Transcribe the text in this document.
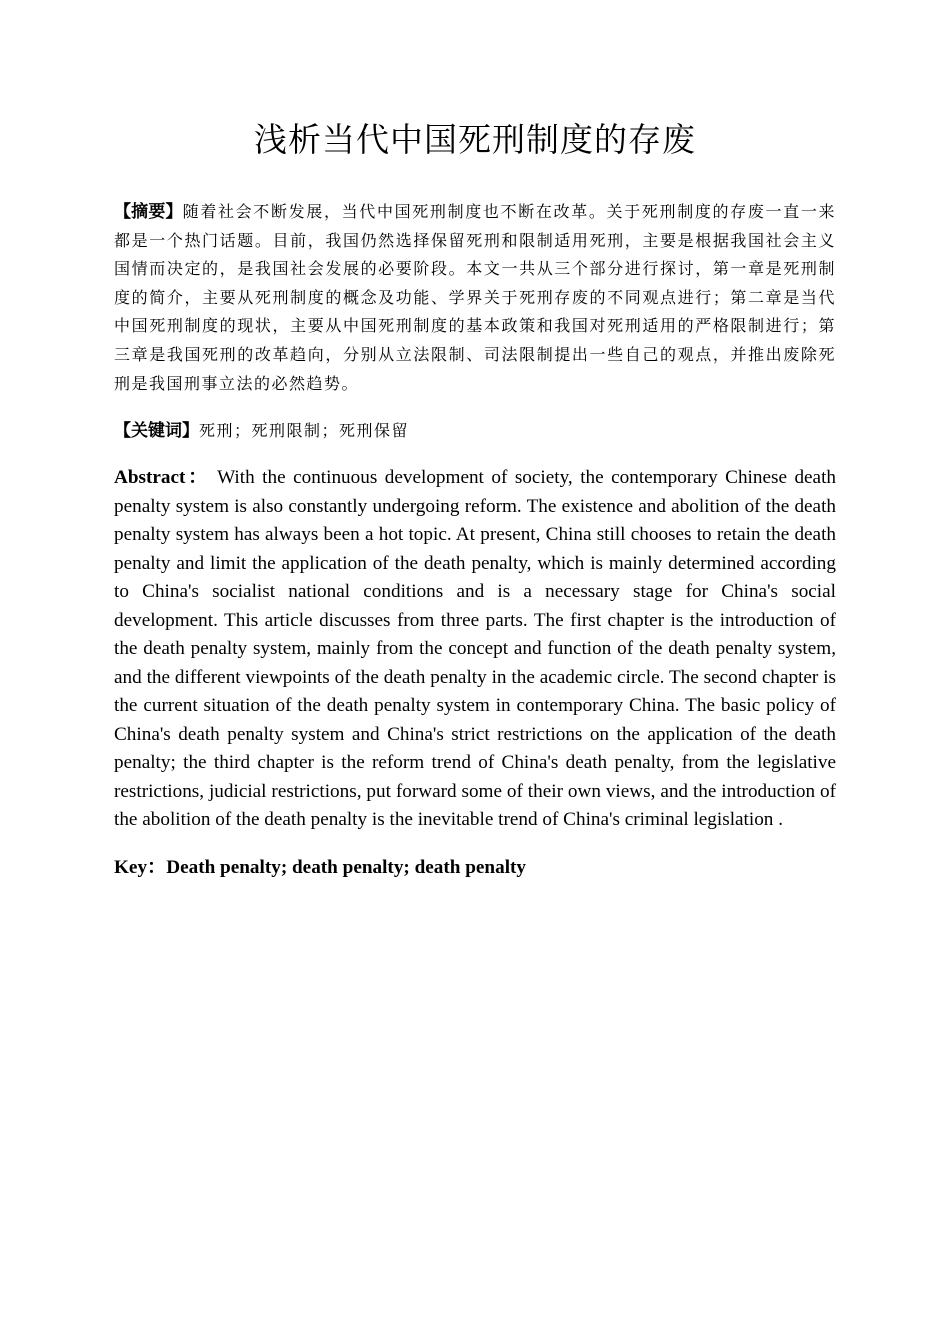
浅析当代中国死刑制度的存废

【摘要】随着社会不断发展，当代中国死刑制度也不断在改革。关于死刑制度的存废一直一来都是一个热门话题。目前，我国仍然选择保留死刑和限制适用死刑，主要是根据我国社会主义国情而决定的，是我国社会发展的必要阶段。本文一共从三个部分进行探讨，第一章是死刑制度的简介，主要从死刑制度的概念及功能、学界关于死刑存废的不同观点进行；第二章是当代中国死刑制度的现状，主要从中国死刑制度的基本政策和我国对死刑适用的严格限制进行；第三章是我国死刑的改革趋向，分别从立法限制、司法限制提出一些自己的观点，并推出废除死刑是我国刑事立法的必然趋势。

【关键词】死刑；死刑限制；死刑保留

Abstract： With the continuous development of society, the contemporary Chinese death penalty system is also constantly undergoing reform. The existence and abolition of the death penalty system has always been a hot topic. At present, China still chooses to retain the death penalty and limit the application of the death penalty, which is mainly determined according to China's socialist national conditions and is a necessary stage for China's social development. This article discusses from three parts. The first chapter is the introduction of the death penalty system, mainly from the concept and function of the death penalty system, and the different viewpoints of the death penalty in the academic circle. The second chapter is the current situation of the death penalty system in contemporary China. The basic policy of China's death penalty system and China's strict restrictions on the application of the death penalty; the third chapter is the reform trend of China's death penalty, from the legislative restrictions, judicial restrictions, put forward some of their own views, and the introduction of the abolition of the death penalty is the inevitable trend of China's criminal legislation .

Key：Death penalty; death penalty; death penalty
